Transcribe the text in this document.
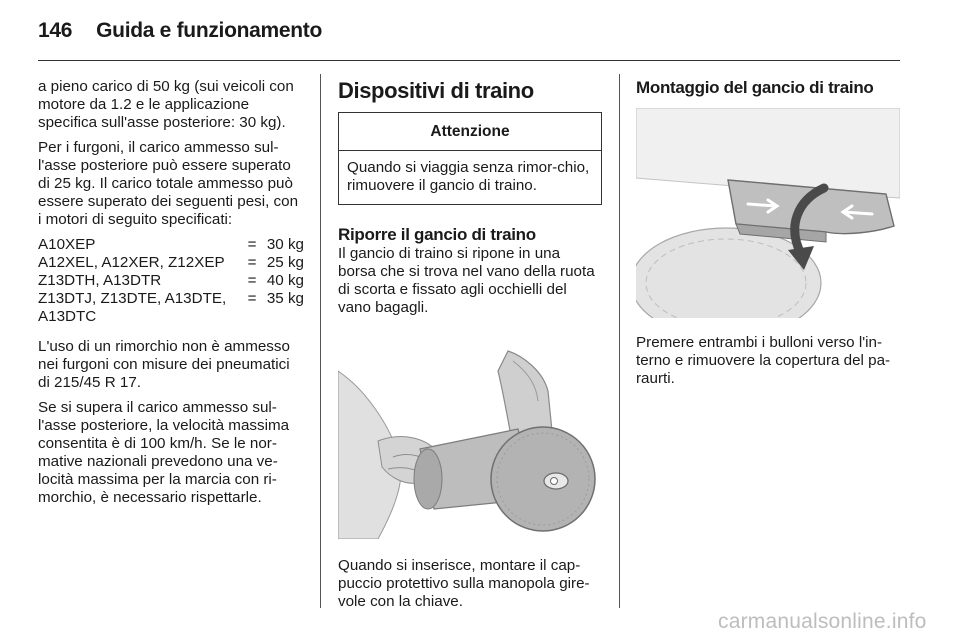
146 Guida e funzionamento

a pieno carico di 50 kg (sui veicoli con motore da 1.2 e le applicazione specifica sull'asse posteriore: 30 kg).

Per i furgoni, il carico ammesso sul-l'asse posteriore può essere superato di 25 kg. Il carico totale ammesso può essere superato dei seguenti pesi, con i motori di seguito specificati:

A10XEP	=	30 kg
A12XEL, A12XER, Z12XEP	=	25 kg
Z13DTH, A13DTR	=	40 kg
Z13DTJ, Z13DTE, A13DTE, A13DTC	=	35 kg

L'uso di un rimorchio non è ammesso nei furgoni con misure dei pneumatici di 215/45 R 17.

Se si supera il carico ammesso sul-l'asse posteriore, la velocità massima consentita è di 100 km/h. Se le nor-mative nazionali prevedono una ve-locità massima per la marcia con ri-morchio, è necessario rispettarle.

Dispositivi di traino
Attenzione
Quando si viaggia senza rimor-chio, rimuovere il gancio di traino.
Riporre il gancio di traino

Il gancio di traino si ripone in una borsa che si trova nel vano della ruota di scorta e fissato agli occhielli del vano bagagli.

Quando si inserisce, montare il cap-puccio protettivo sulla manopola gire-vole con la chiave.

Montaggio del gancio di traino

Premere entrambi i bulloni verso l'in-terno e rimuovere la copertura del pa-raurti.

carmanualsonline.info
